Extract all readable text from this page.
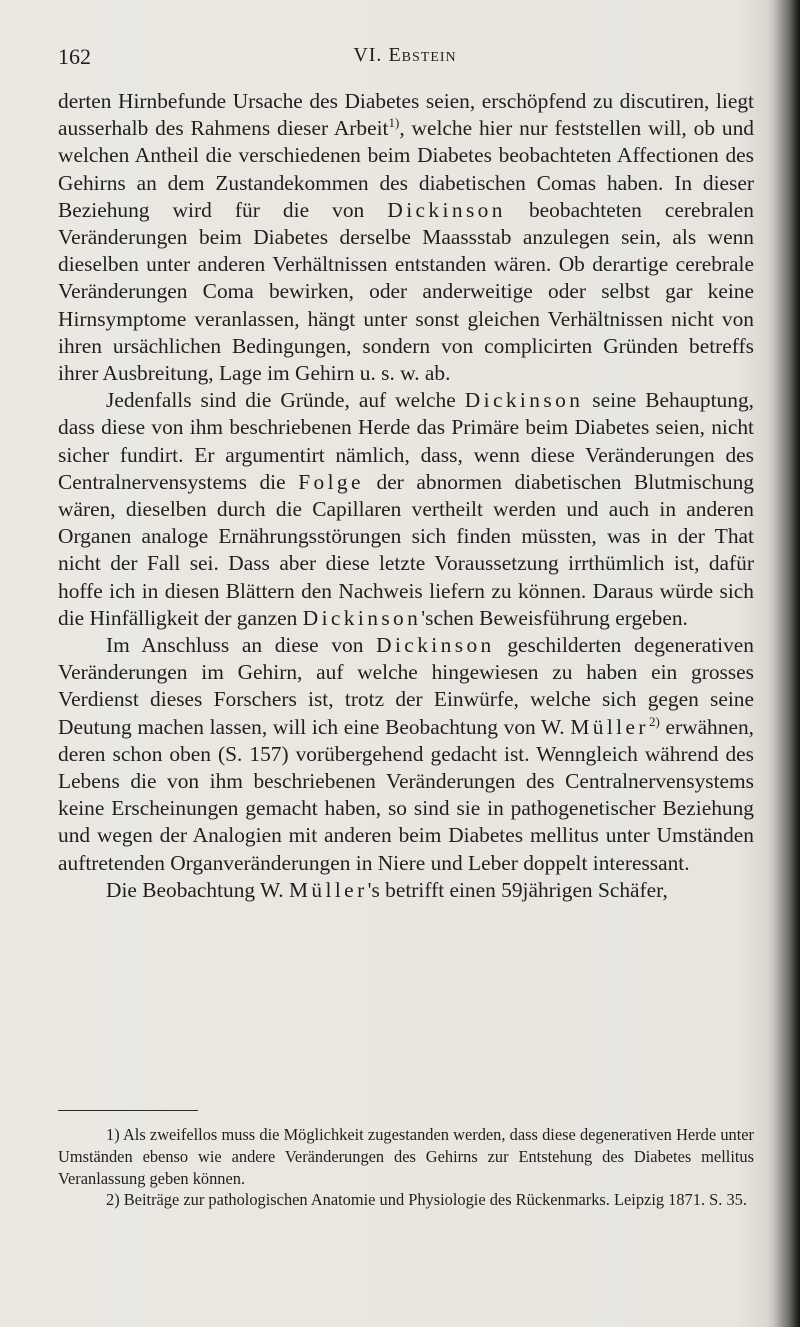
162	VI. Ebstein

derten Hirnbefunde Ursache des Diabetes seien, erschöpfend zu discutiren, liegt ausserhalb des Rahmens dieser Arbeit$^{1)}$, welche hier nur feststellen will, ob und welchen Antheil die verschiedenen beim Diabetes beobachteten Affectionen des Gehirns an dem Zustandekommen des diabetischen Comas haben. In dieser Beziehung wird für die von Dickinson beobachteten cerebralen Veränderungen beim Diabetes derselbe Maassstab anzulegen sein, als wenn dieselben unter anderen Verhältnissen entstanden wären. Ob derartige cerebrale Veränderungen Coma bewirken, oder anderweitige oder selbst gar keine Hirnsymptome veranlassen, hängt unter sonst gleichen Verhältnissen nicht von ihren ursächlichen Bedingungen, sondern von complicirten Gründen betreffs ihrer Ausbreitung, Lage im Gehirn u. s. w. ab.

Jedenfalls sind die Gründe, auf welche Dickinson seine Behauptung, dass diese von ihm beschriebenen Herde das Primäre beim Diabetes seien, nicht sicher fundirt. Er argumentirt nämlich, dass, wenn diese Veränderungen des Centralnervensystems die Folge der abnormen diabetischen Blutmischung wären, dieselben durch die Capillaren vertheilt werden und auch in anderen Organen analoge Ernährungsstörungen sich finden müssten, was in der That nicht der Fall sei. Dass aber diese letzte Voraussetzung irrthümlich ist, dafür hoffe ich in diesen Blättern den Nachweis liefern zu können. Daraus würde sich die Hinfälligkeit der ganzen Dickinson'schen Beweisführung ergeben.

Im Anschluss an diese von Dickinson geschilderten degenerativen Veränderungen im Gehirn, auf welche hingewiesen zu haben ein grosses Verdienst dieses Forschers ist, trotz der Einwürfe, welche sich gegen seine Deutung machen lassen, will ich eine Beobachtung von W. Müller$^{2)}$ erwähnen, deren schon oben (S. 157) vorübergehend gedacht ist. Wenngleich während des Lebens die von ihm beschriebenen Veränderungen des Centralnervensystems keine Erscheinungen gemacht haben, so sind sie in pathogenetischer Beziehung und wegen der Analogien mit anderen beim Diabetes mellitus unter Umständen auftretenden Organveränderungen in Niere und Leber doppelt interessant.

Die Beobachtung W. Müller's betrifft einen 59jährigen Schäfer,

1) Als zweifellos muss die Möglichkeit zugestanden werden, dass diese degenerativen Herde unter Umständen ebenso wie andere Veränderungen des Gehirns zur Entstehung des Diabetes mellitus Veranlassung geben können.

2) Beiträge zur pathologischen Anatomie und Physiologie des Rückenmarks. Leipzig 1871. S. 35.
